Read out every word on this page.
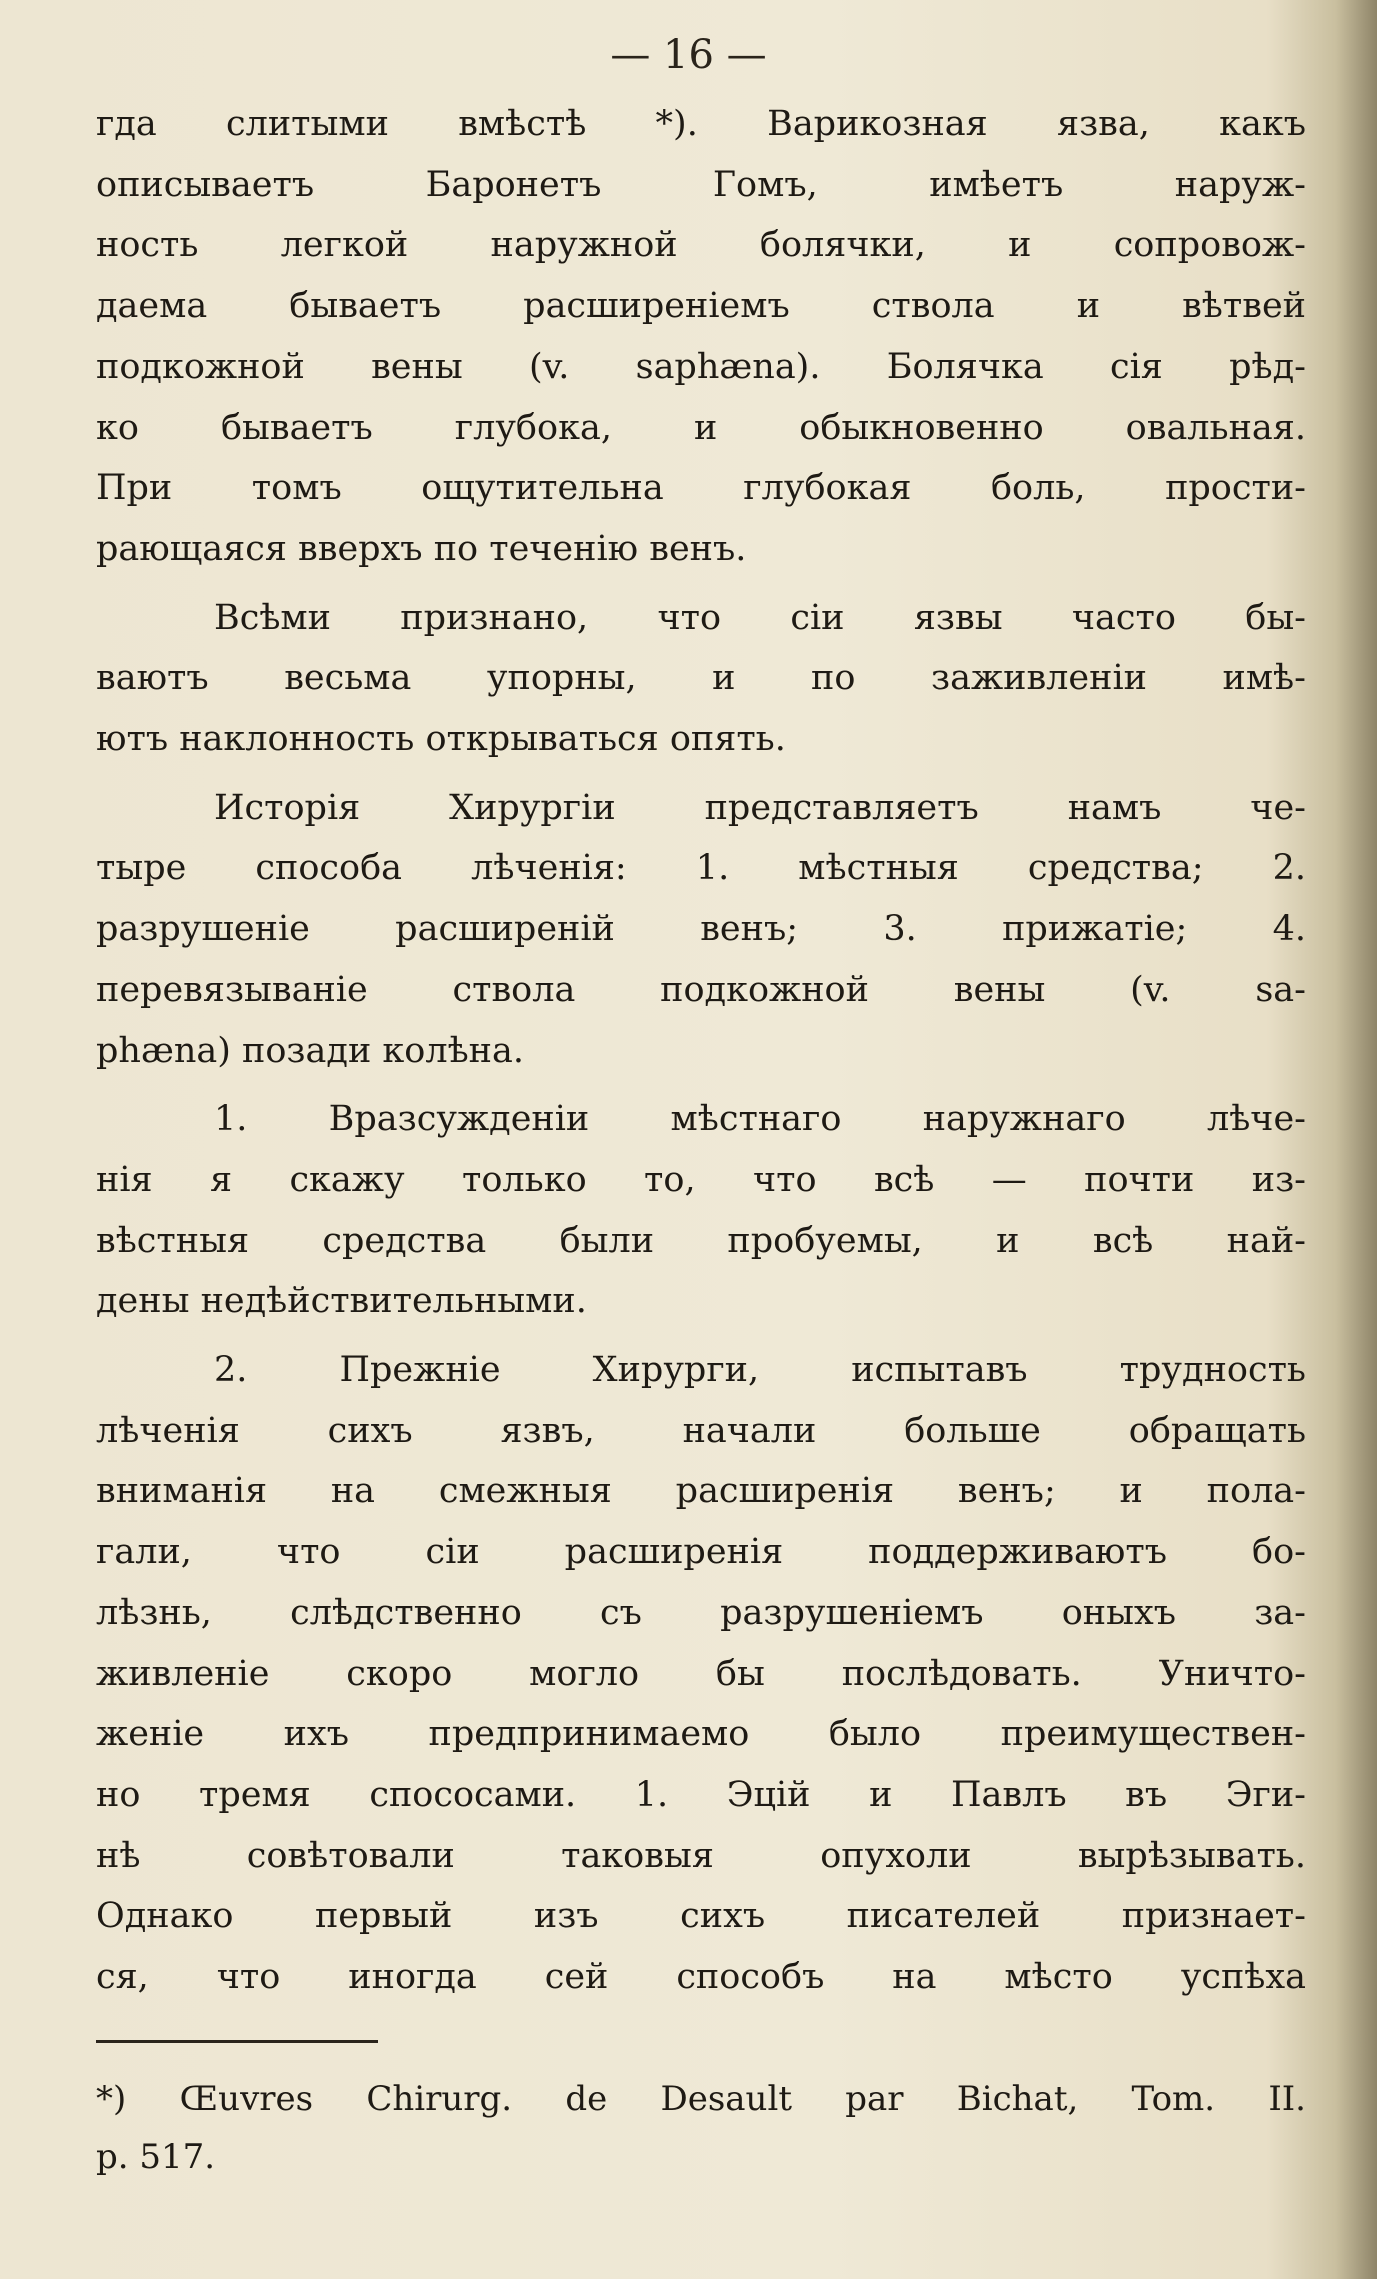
— 16 —

гда слитыми вмѣстѣ *). Варикозная язва, какъ

описываетъ Баронетъ Гомъ, имѣетъ наруж-

ность легкой наружной болячки, и сопровож-

даема бываетъ расширеніемъ ствола и вѣтвей

подкожной вены (v. saphæna). Болячка сія рѣд-

ко бываетъ глубока, и обыкновенно овальная.

При томъ ощутительна глубокая боль, прости-

рающаяся вверхъ по теченію венъ.

Всѣми признано, что сіи язвы часто бы-

ваютъ весьма упорны, и по заживленіи имѣ-

ютъ наклонность открываться опять.

Исторія Хирургіи представляетъ намъ че-

тыре способа лѣченія: 1. мѣстныя средства; 2.

разрушеніе расширеній венъ; 3. прижатіе; 4.

перевязываніе ствола подкожной вены (v. sa-

phæna) позади колѣна.

1. Вразсужденіи мѣстнаго наружнаго лѣче-

нія я скажу только то, что всѣ — почти из-

вѣстныя средства были пробуемы, и всѣ най-

дены недѣйствительными.

2. Прежніе Хирурги, испытавъ трудность

лѣченія сихъ язвъ, начали больше обращать

вниманія на смежныя расширенія венъ; и пола-

гали, что сіи расширенія поддерживаютъ бо-

лѣзнь, слѣдственно съ разрушеніемъ оныхъ за-

живленіе скоро могло бы послѣдовать. Уничто-

женіе ихъ предпринимаемо было преимуществен-

но тремя спососами. 1. Эцій и Павлъ въ Эги-

нѣ совѣтовали таковыя опухоли вырѣзывать.

Однако первый изъ сихъ писателей признает-

ся, что иногда сей способъ на мѣсто успѣха

*) Œuvres Chirurg. de Desault par Bichat, Tom. II.

p. 517.
